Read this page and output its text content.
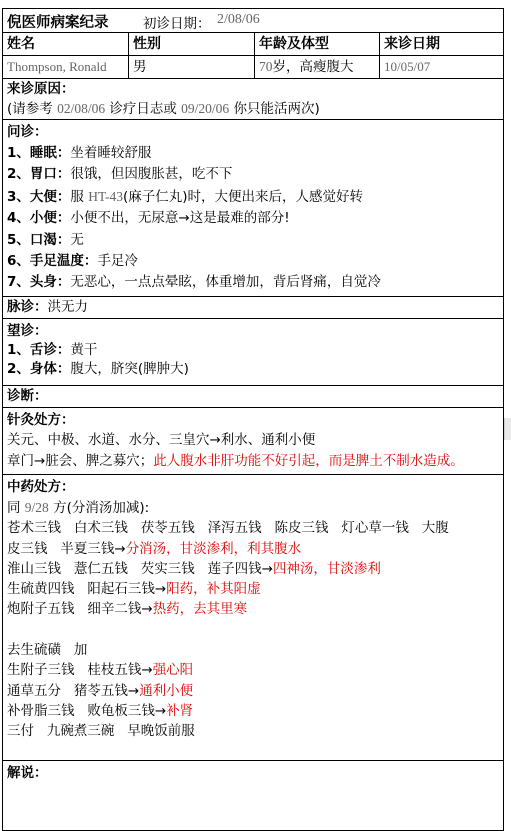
倪医师病案纪录	初诊日期： 2/08/06
姓名	性别	年龄及体型	来诊日期
Thompson, Ronald	男	70岁，高瘦腹大	10/05/07
来诊原因：
(请参考 02/08/06 诊疗日志或 09/20/06 你只能活两次)
问诊：
1、睡眠：坐着睡较舒服
2、胃口：很饿，但因腹胀甚，吃不下
3、大便：服 HT-43(麻子仁丸)时，大便出来后，人感觉好转
4、小便：小便不出，无尿意→这是最难的部分!
5、口渴：无
6、手足温度：手足冷
7、头身：无恶心，一点点晕眩，体重增加，背后肾痛，自觉冷
脉诊：洪无力
望诊：
1、舌诊：黄干
2、身体：腹大，脐突(脾肿大)
诊断：
针灸处方：
关元、中极、水道、水分、三皇穴→利水、通利小便
章门→脏会、脾之募穴；此人腹水非肝功能不好引起，而是脾土不制水造成。
中药处方：
同 9/28 方(分消汤加减):
苍术三钱   白术三钱   茯苓五钱   泽泻五钱   陈皮三钱   灯心草一钱   大腹
皮三钱   半夏三钱→分消汤，甘淡渗利，利其腹水
淮山三钱   薏仁五钱   芡实三钱   莲子四钱→四神汤，甘淡渗利
生硫黄四钱   阳起石三钱→阳药，补其阳虚
炮附子五钱   细辛二钱→热药，去其里寒

去生硫磺   加
生附子三钱   桂枝五钱→强心阳
通草五分   猪苓五钱→通利小便
补骨脂三钱   败龟板三钱→补肾
三付   九碗煮三碗   早晚饭前服
解说：
